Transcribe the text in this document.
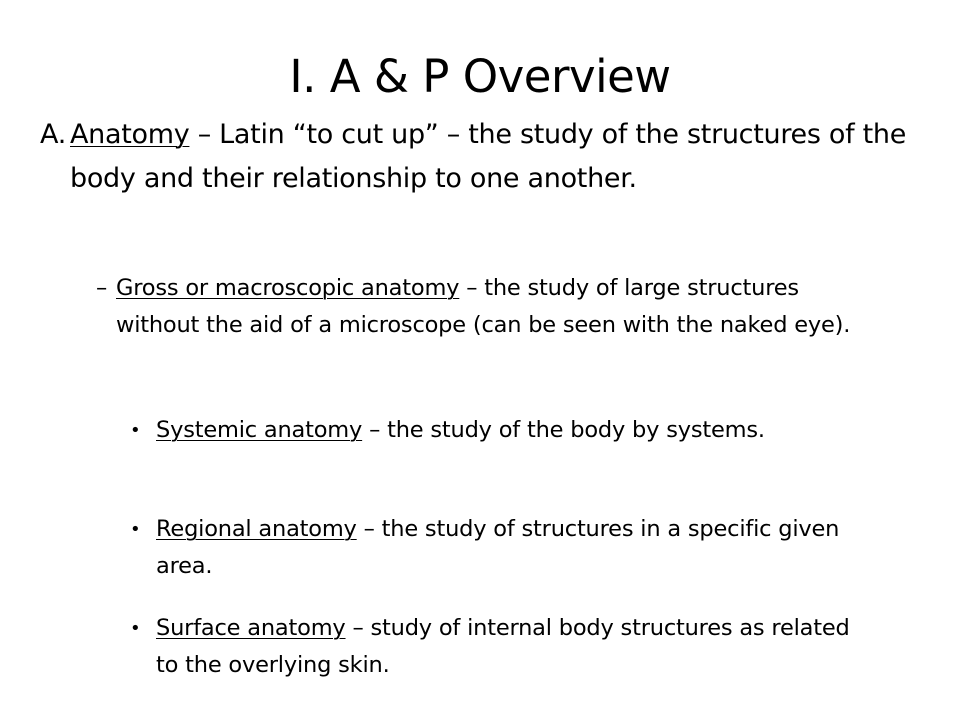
I. A & P Overview
A. Anatomy – Latin “to cut up” – the study of the structures of the body and their relationship to one another.
– Gross or macroscopic anatomy – the study of large structures without the aid of a microscope (can be seen with the naked eye).
• Systemic anatomy – the study of the body by systems.
• Regional anatomy – the study of structures in a specific given area.
• Surface anatomy – study of internal body structures as related to the overlying skin.
